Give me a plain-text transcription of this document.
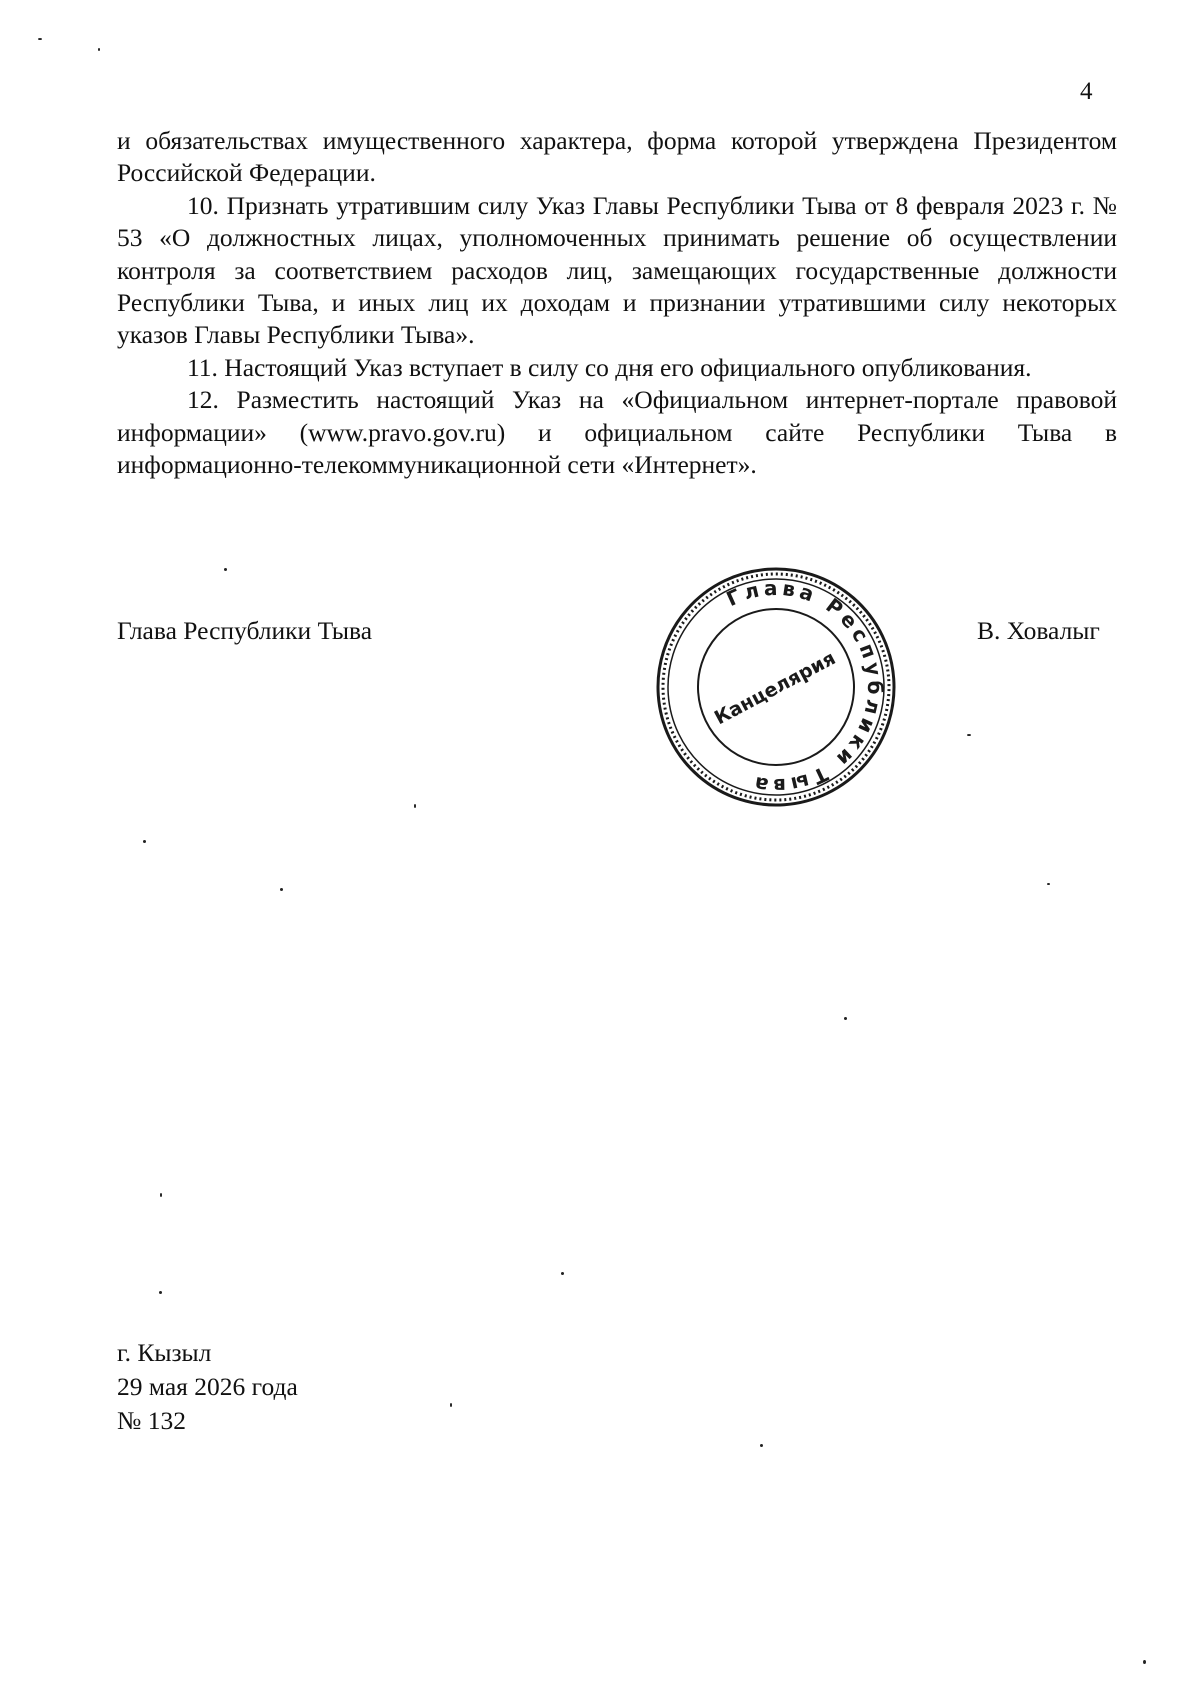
4

и обязательствах имущественного характера, форма которой утверждена Президентом Российской Федерации.

10. Признать утратившим силу Указ Главы Республики Тыва от 8 февраля 2023 г. № 53 «О должностных лицах, уполномоченных принимать решение об осуществлении контроля за соответствием расходов лиц, замещающих государственные должности Республики Тыва, и иных лиц их доходам и признании утратившими силу некоторых указов Главы Республики Тыва».

11. Настоящий Указ вступает в силу со дня его официального опубликования.

12. Разместить настоящий Указ на «Официальном интернет-портале правовой информации» (www.pravo.gov.ru) и официальном сайте Республики Тыва в информационно-телекоммуникационной сети «Интернет».

Глава Республики Тыва
Глава Республики Тыва
Канцелярия
В. Ховалыг
г. Кызыл
29 мая 2026 года
№ 132
